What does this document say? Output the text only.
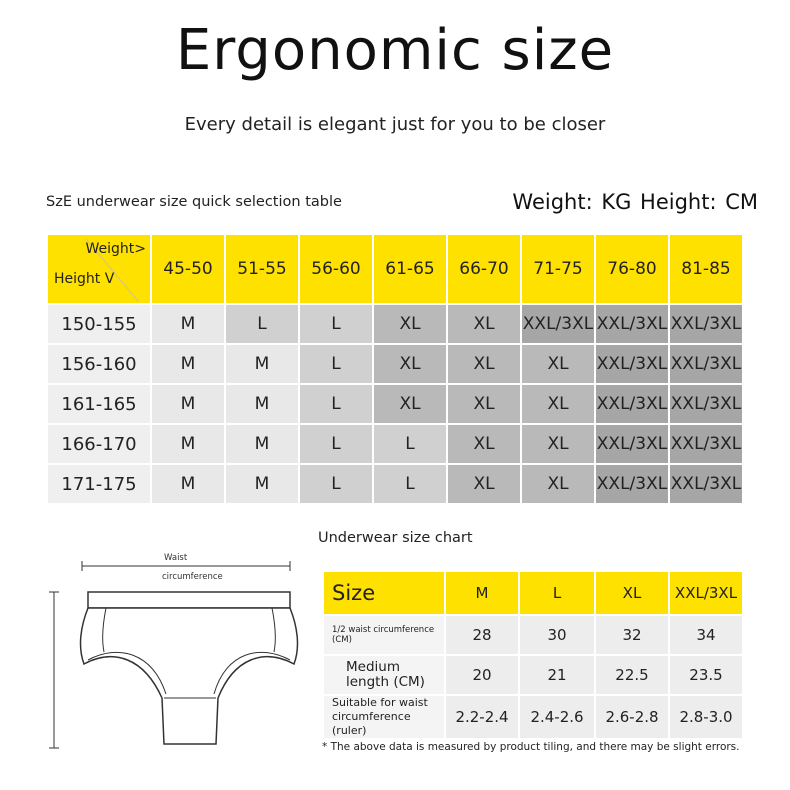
Ergonomic size
Every detail is elegant just for you to be closer
SzE underwear size quick selection table	Weight: KG Height: CM
Weight>
Height V	45-50	51-55	56-60	61-65	66-70	71-75	76-80	81-85
150-155	M	L	L	XL	XL	XXL/3XL	XXL/3XL	XXL/3XL
156-160	M	M	L	XL	XL	XL	XXL/3XL	XXL/3XL
161-165	M	M	L	XL	XL	XL	XXL/3XL	XXL/3XL
166-170	M	M	L	L	XL	XL	XXL/3XL	XXL/3XL
171-175	M	M	L	L	XL	XL	XXL/3XL	XXL/3XL
Waist
circumference
Underwear size chart
Size	M	L	XL	XXL/3XL
1/2 waist circumference (CM)	28	30	32	34
Medium length (CM)	20	21	22.5	23.5
Suitable for waist circumference (ruler)	2.2-2.4	2.4-2.6	2.6-2.8	2.8-3.0
* The above data is measured by product tiling, and there may be slight errors.
